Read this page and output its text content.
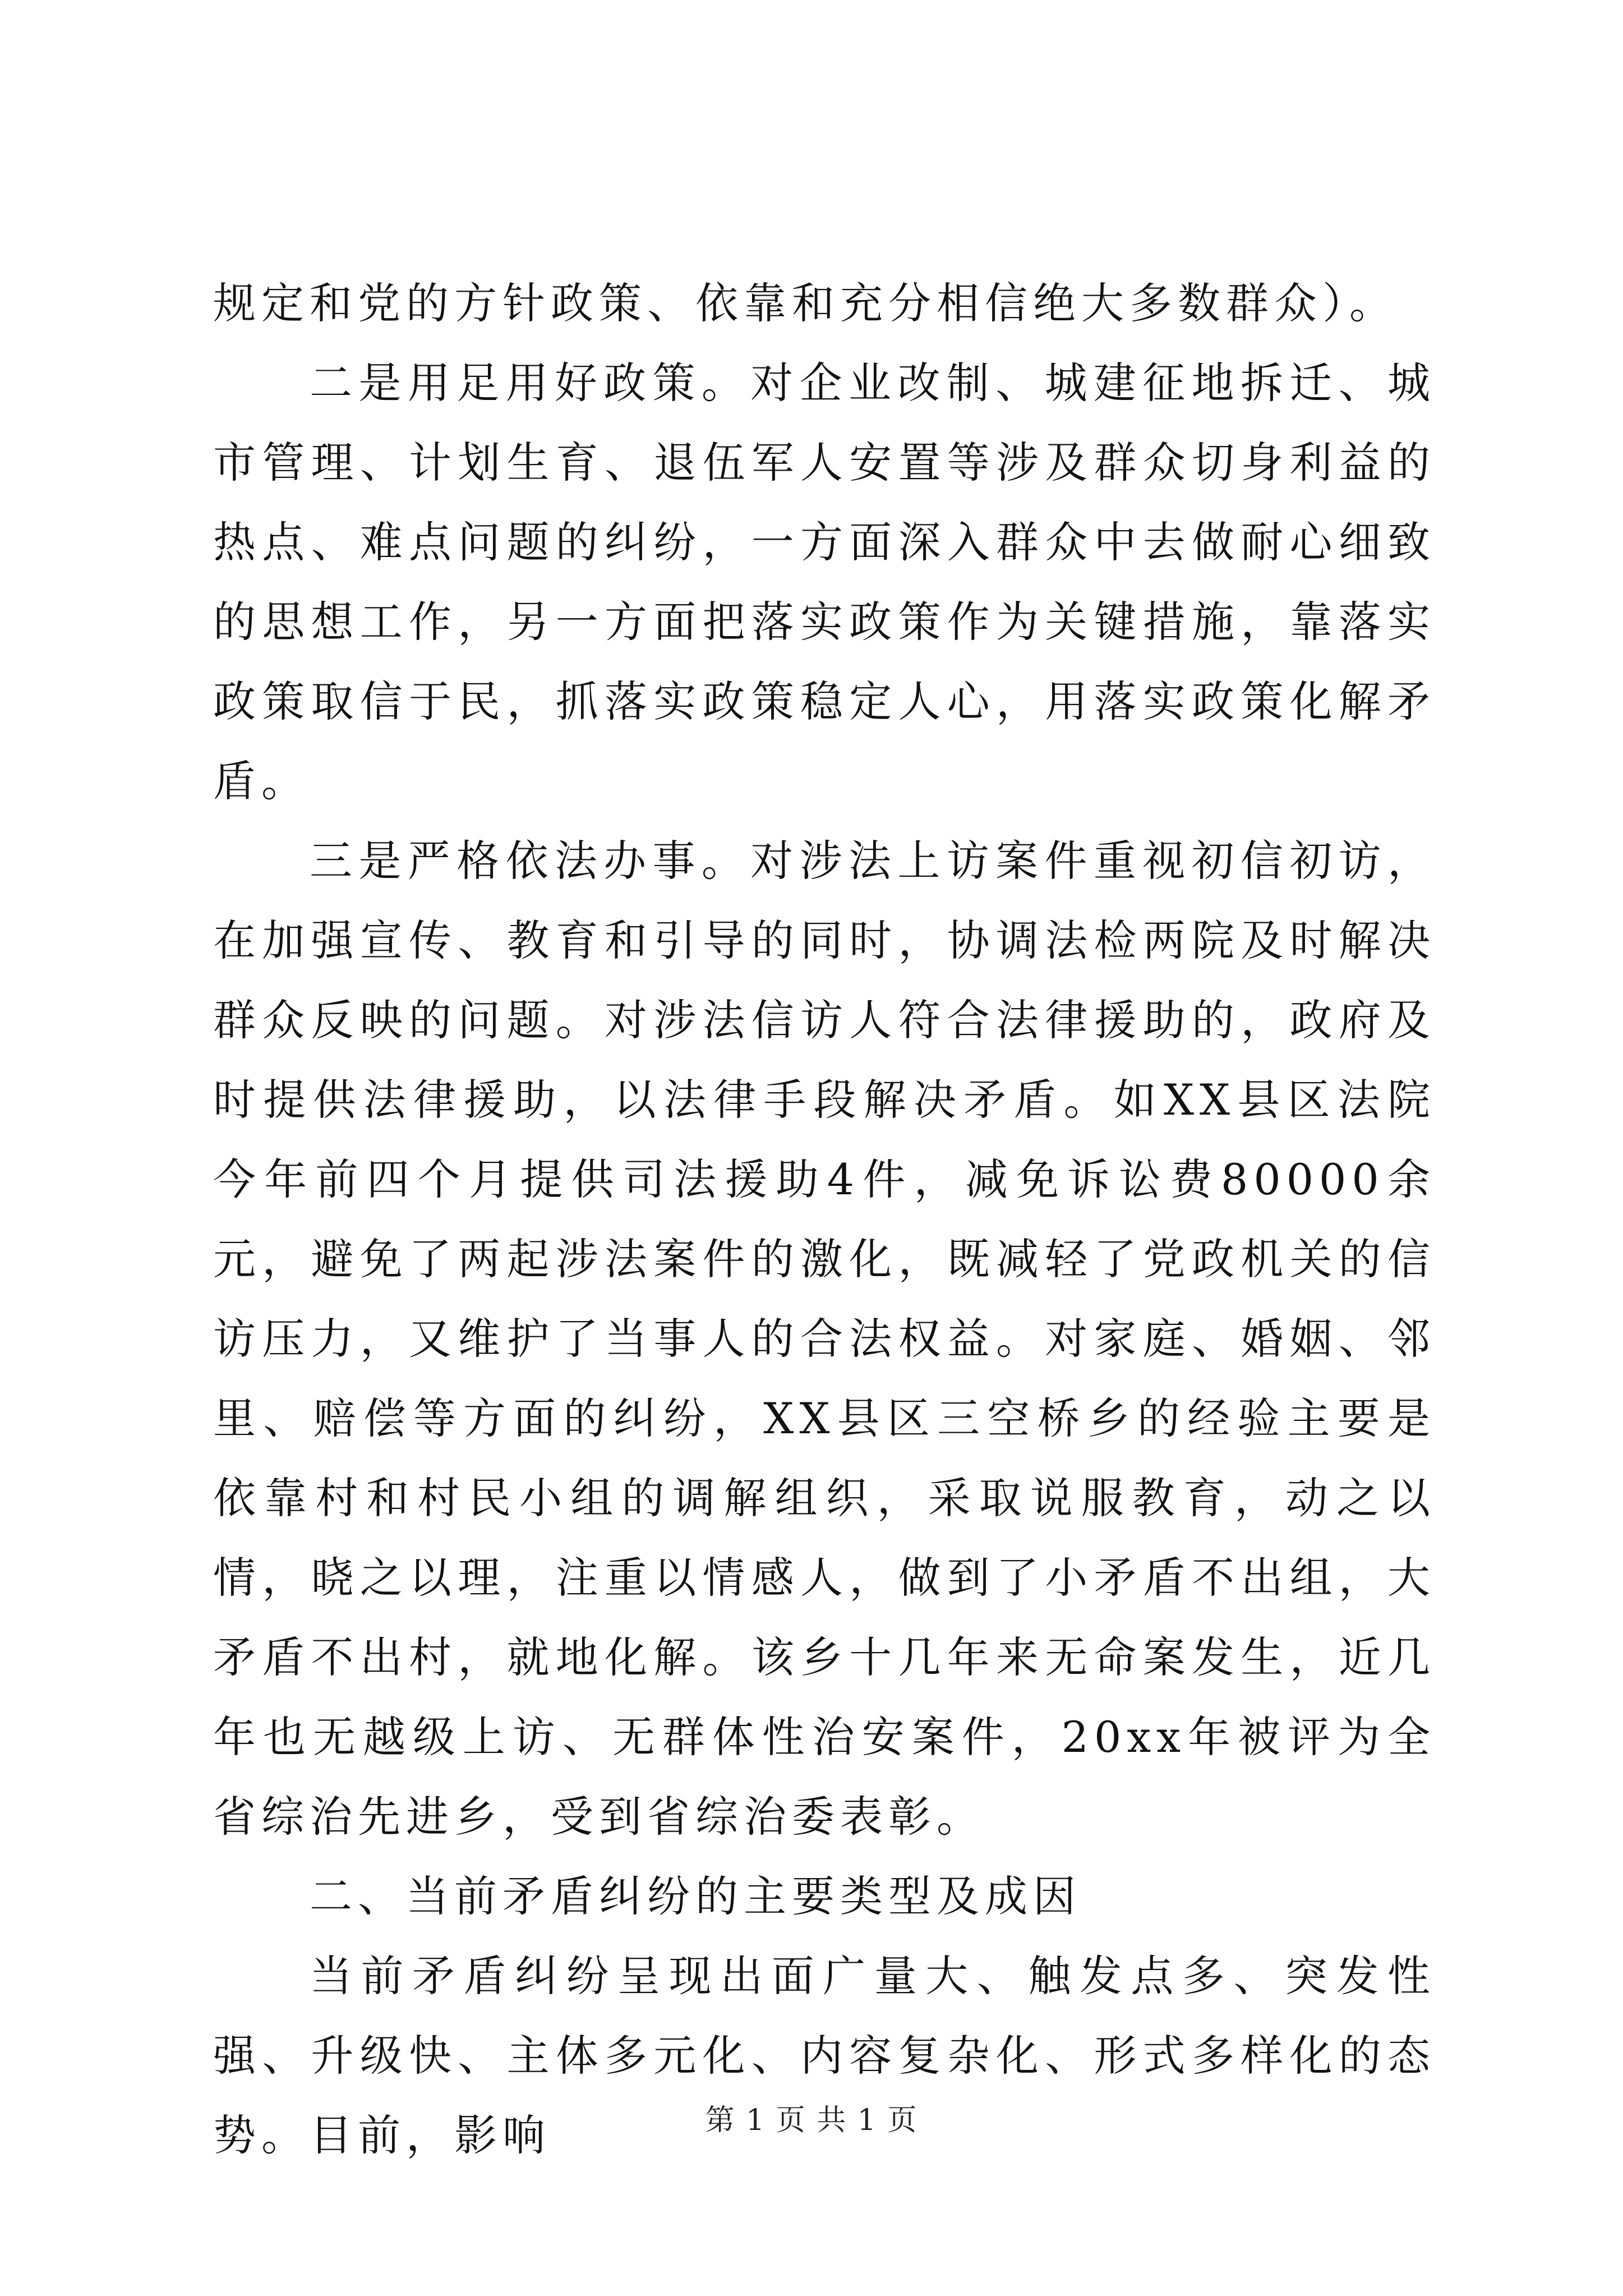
规定和党的方针政策、依靠和充分相信绝大多数群众）。

二是用足用好政策。对企业改制、城建征地拆迁、城市管理、计划生育、退伍军人安置等涉及群众切身利益的热点、难点问题的纠纷，一方面深入群众中去做耐心细致的思想工作，另一方面把落实政策作为关键措施，靠落实政策取信于民，抓落实政策稳定人心，用落实政策化解矛盾。

三是严格依法办事。对涉法上访案件重视初信初访，在加强宣传、教育和引导的同时，协调法检两院及时解决群众反映的问题。对涉法信访人符合法律援助的，政府及时提供法律援助，以法律手段解决矛盾。如XX县区法院今年前四个月提供司法援助4件，减免诉讼费80000余元，避免了两起涉法案件的激化，既减轻了党政机关的信访压力，又维护了当事人的合法权益。对家庭、婚姻、邻里、赔偿等方面的纠纷，XX县区三空桥乡的经验主要是依靠村和村民小组的调解组织，采取说服教育，动之以情，晓之以理，注重以情感人，做到了小矛盾不出组，大矛盾不出村，就地化解。该乡十几年来无命案发生，近几年也无越级上访、无群体性治安案件，20xx年被评为全省综治先进乡，受到省综治委表彰。

二、当前矛盾纠纷的主要类型及成因

当前矛盾纠纷呈现出面广量大、触发点多、突发性强、升级快、主体多元化、内容复杂化、形式多样化的态势。目前，影响	第 1 页 共 1 页
